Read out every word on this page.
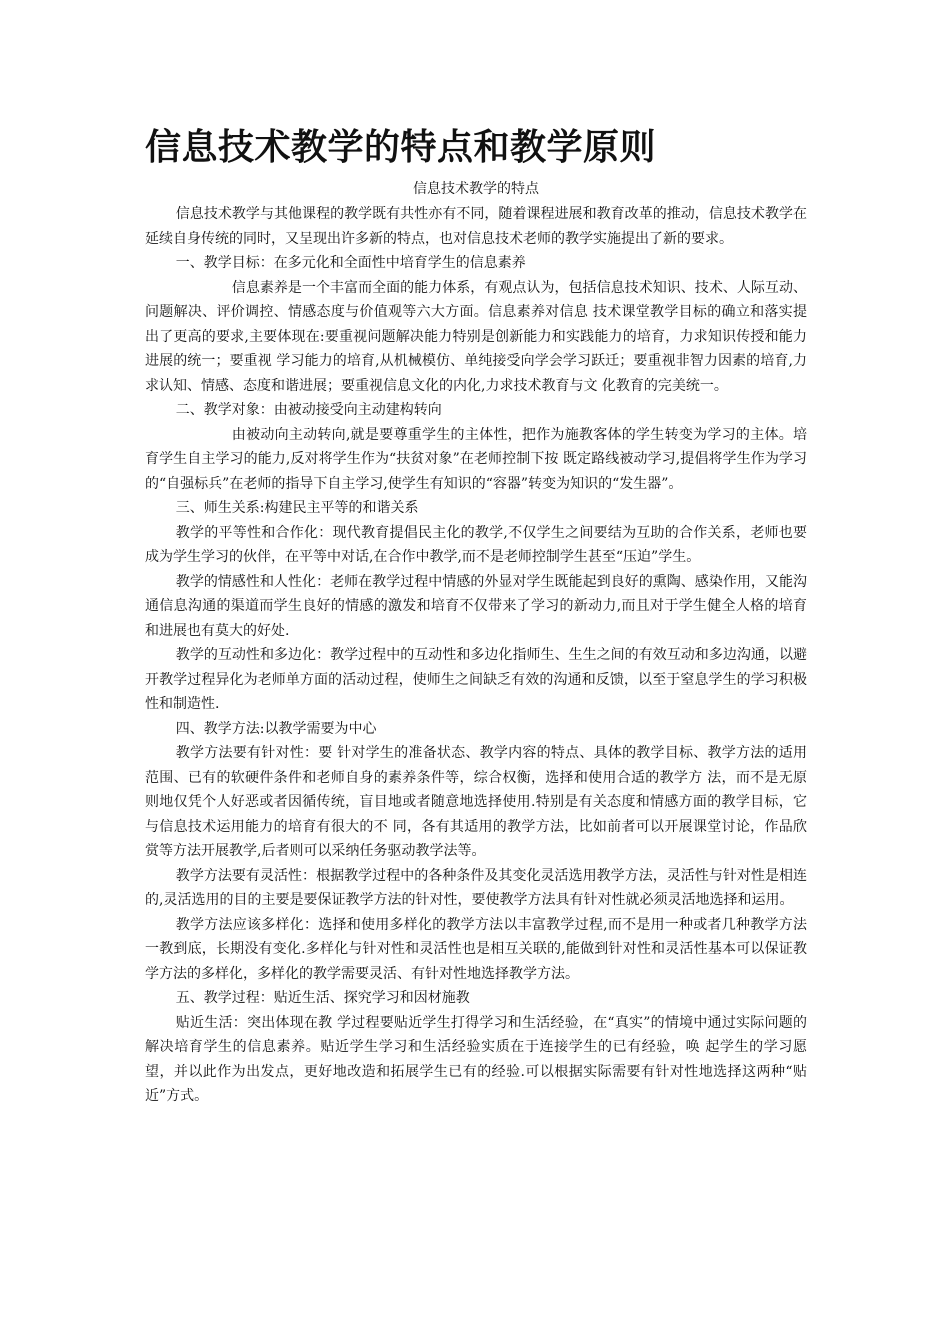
信息技术教学的特点和教学原则
信息技术教学的特点

信息技术教学与其他课程的教学既有共性亦有不同，随着课程进展和教育改革的推动，信息技术教学在延续自身传统的同时，又呈现出许多新的特点，也对信息技术老师的教学实施提出了新的要求。

一、教学目标：在多元化和全面性中培育学生的信息素养

信息素养是一个丰富而全面的能力体系，有观点认为，包括信息技术知识、技术、人际互动、问题解决、评价调控、情感态度与价值观等六大方面。信息素养对信息 技术课堂教学目标的确立和落实提出了更高的要求,主要体现在:要重视问题解决能力特别是创新能力和实践能力的培育，力求知识传授和能力进展的统一；要重视 学习能力的培育,从机械模仿、单纯接受向学会学习跃迁；要重视非智力因素的培育,力求认知、情感、态度和谐进展；要重视信息文化的内化,力求技术教育与文 化教育的完美统一。

二、教学对象：由被动接受向主动建构转向

由被动向主动转向,就是要尊重学生的主体性，把作为施教客体的学生转变为学习的主体。培育学生自主学习的能力,反对将学生作为“扶贫对象”在老师控制下按 既定路线被动学习,提倡将学生作为学习的“自强标兵”在老师的指导下自主学习,使学生有知识的“容器”转变为知识的“发生器”。

三、师生关系:构建民主平等的和谐关系

教学的平等性和合作化：现代教育提倡民主化的教学,不仅学生之间要结为互助的合作关系，老师也要成为学生学习的伙伴，在平等中对话,在合作中教学,而不是老师控制学生甚至“压迫”学生。

教学的情感性和人性化：老师在教学过程中情感的外显对学生既能起到良好的熏陶、感染作用，又能沟通信息沟通的渠道而学生良好的情感的激发和培育不仅带来了学习的新动力,而且对于学生健全人格的培育和进展也有莫大的好处.

教学的互动性和多边化：教学过程中的互动性和多边化指师生、生生之间的有效互动和多边沟通，以避开教学过程异化为老师单方面的活动过程，使师生之间缺乏有效的沟通和反馈，以至于窒息学生的学习积极性和制造性.

四、教学方法:以教学需要为中心

教学方法要有针对性：要 针对学生的准备状态、教学内容的特点、具体的教学目标、教学方法的适用范围、已有的软硬件条件和老师自身的素养条件等，综合权衡，选择和使用合适的教学方 法，而不是无原则地仅凭个人好恶或者因循传统，盲目地或者随意地选择使用.特别是有关态度和情感方面的教学目标，它与信息技术运用能力的培育有很大的不 同，各有其适用的教学方法，比如前者可以开展课堂讨论，作品欣赏等方法开展教学,后者则可以采纳任务驱动教学法等。

教学方法要有灵活性：根据教学过程中的各种条件及其变化灵活选用教学方法，灵活性与针对性是相连的,灵活选用的目的主要是要保证教学方法的针对性，要使教学方法具有针对性就必须灵活地选择和运用。

教学方法应该多样化：选择和使用多样化的教学方法以丰富教学过程,而不是用一种或者几种教学方法一教到底，长期没有变化.多样化与针对性和灵活性也是相互关联的,能做到针对性和灵活性基本可以保证教学方法的多样化，多样化的教学需要灵活、有针对性地选择教学方法。

五、教学过程：贴近生活、探究学习和因材施教

贴近生活：突出体现在教 学过程要贴近学生打得学习和生活经验，在“真实”的情境中通过实际问题的解决培育学生的信息素养。贴近学生学习和生活经验实质在于连接学生的已有经验，唤 起学生的学习愿望，并以此作为出发点，更好地改造和拓展学生已有的经验.可以根据实际需要有针对性地选择这两种“贴近”方式。
